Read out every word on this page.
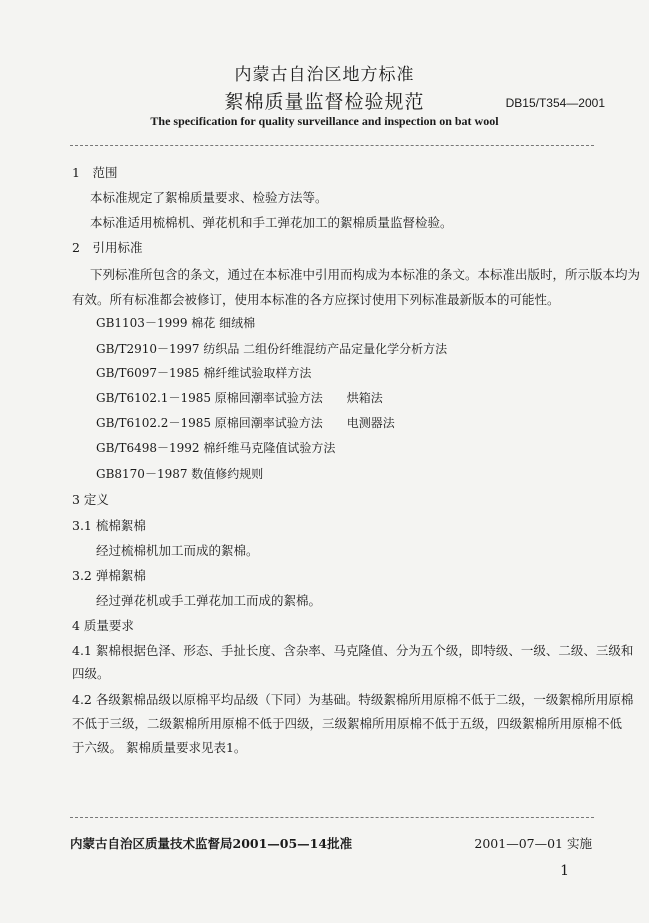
内蒙古自治区地方标准
絮棉质量监督检验规范	DB15/T354—2001
The specification for quality surveillance and inspection on bat wool
1　范围
本标准规定了絮棉质量要求、检验方法等。
本标准适用梳棉机、弹花机和手工弹花加工的絮棉质量监督检验。
2　引用标准
下列标准所包含的条文，通过在本标准中引用而构成为本标准的条文。本标准出版时，所示版本均为
有效。所有标准都会被修订，使用本标准的各方应探讨使用下列标准最新版本的可能性。
GB1103－1999 棉花 细绒棉
GB/T2910－1997 纺织品 二组份纤维混纺产品定量化学分析方法
GB/T6097－1985 棉纤维试验取样方法
GB/T6102.1－1985 原棉回潮率试验方法　　烘箱法
GB/T6102.2－1985 原棉回潮率试验方法　　电测器法
GB/T6498－1992 棉纤维马克隆值试验方法
GB8170－1987 数值修约规则
3 定义
3.1 梳棉絮棉
经过梳棉机加工而成的絮棉。
3.2 弹棉絮棉
经过弹花机或手工弹花加工而成的絮棉。
4 质量要求
4.1 絮棉根据色泽、形态、手扯长度、含杂率、马克隆值、分为五个级，即特级、一级、二级、三级和
四级。
4.2 各级絮棉品级以原棉平均品级（下同）为基础。特级絮棉所用原棉不低于二级，一级絮棉所用原棉
不低于三级，二级絮棉所用原棉不低于四级，三级絮棉所用原棉不低于五级，四级絮棉所用原棉不低
于六级。 絮棉质量要求见表1。
内蒙古自治区质量技术监督局2001—05—14批准	2001—07—01 实施
1
